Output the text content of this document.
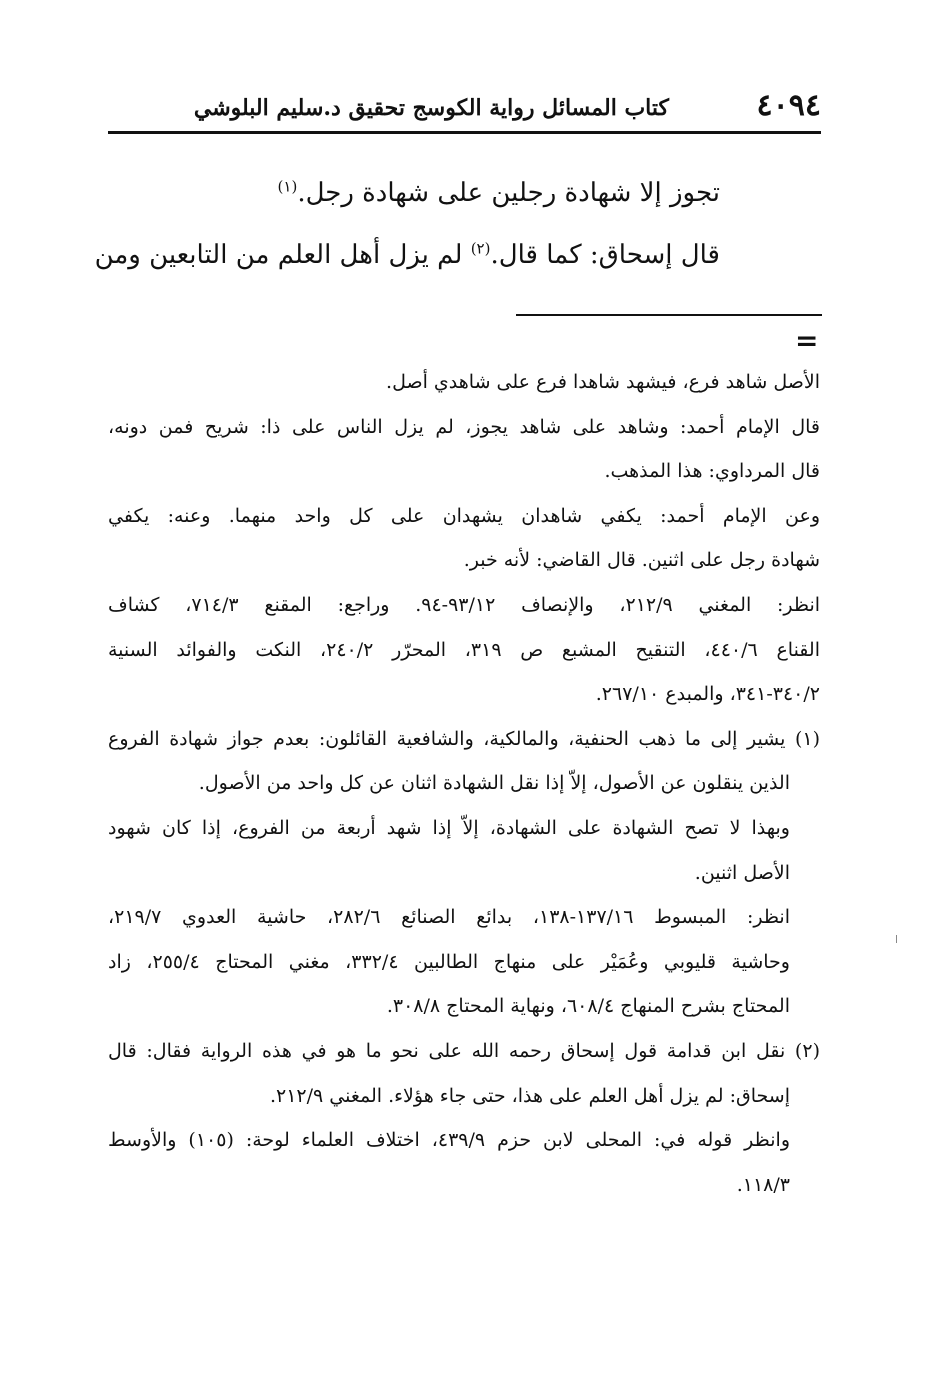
٤٠٩٤
كتاب المسائل رواية الكوسج تحقيق د.سليم البلوشي
تجوز إلا شهادة رجلين على شهادة رجل.$^{(١)}$
قال إسحاق: كما قال.$^{(٢)}$ لم يزل أهل العلم من التابعين ومن
=
الأصل شاهد فرع، فيشهد شاهدا فرع على شاهدي أصل.
قال الإمام أحمد: وشاهد على شاهد يجوز، لم يزل الناس على ذا: شريح فمن دونه،
قال المرداوي: هذا المذهب.
وعن الإمام أحمد: يكفي شاهدان يشهدان على كل واحد منهما. وعنه: يكفي
شهادة رجل على اثنين. قال القاضي: لأنه خبر.
انظر: المغني ٢١٢/٩، والإنصاف ٩٣/١٢-٩٤. وراجع: المقنع ٧١٤/٣، كشاف
القناع ٤٤٠/٦، التنقيح المشبع ص ٣١٩، المحرّر ٢٤٠/٢، النكت والفوائد السنية
٣٤٠/٢-٣٤١، والمبدع ٢٦٧/١٠.
(١) يشير إلى ما ذهب الحنفية، والمالكية، والشافعية القائلون: بعدم جواز شهادة الفروع
الذين ينقلون عن الأصول، إلاّ إذا نقل الشهادة اثنان عن كل واحد من الأصول.
وبهذا لا تصح الشهادة على الشهادة، إلاّ إذا شهد أربعة من الفروع، إذا كان شهود
الأصل اثنين.
انظر: المبسوط ١٣٧/١٦-١٣٨، بدائع الصنائع ٢٨٢/٦، حاشية العدوي ٢١٩/٧،
وحاشية قليوبي وعُمَيْر على منهاج الطالبين ٣٣٢/٤، مغني المحتاج ٢٥٥/٤، زاد
المحتاج بشرح المنهاج ٦٠٨/٤، ونهاية المحتاج ٣٠٨/٨.
(٢) نقل ابن قدامة قول إسحاق رحمه الله على نحو ما هو في هذه الرواية فقال: قال
إسحاق: لم يزل أهل العلم على هذا، حتى جاء هؤلاء. المغني ٢١٢/٩.
وانظر قوله في: المحلى لابن حزم ٤٣٩/٩، اختلاف العلماء لوحة: (١٠٥) والأوسط
١١٨/٣.
